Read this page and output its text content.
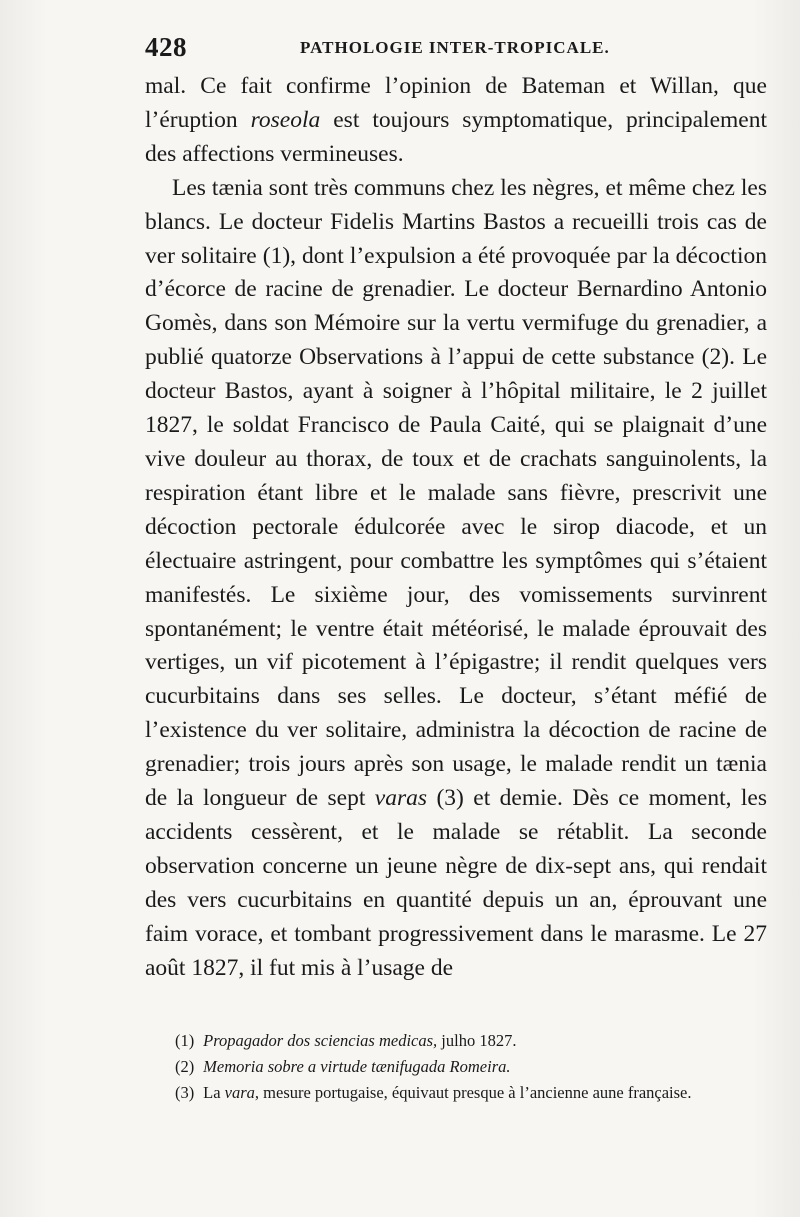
428	PATHOLOGIE INTER-TROPICALE.

mal. Ce fait confirme l’opinion de Bateman et Willan, que l’éruption roseola est toujours symptomatique, principalement des affections vermineuses.

Les tænia sont très communs chez les nègres, et même chez les blancs. Le docteur Fidelis Martins Bastos a recueilli trois cas de ver solitaire (1), dont l’expulsion a été provoquée par la décoction d’écorce de racine de grenadier. Le docteur Bernardino Antonio Gomès, dans son Mémoire sur la vertu vermifuge du grenadier, a publié quatorze Observations à l’appui de cette substance (2). Le docteur Bastos, ayant à soigner à l’hôpital militaire, le 2 juillet 1827, le soldat Francisco de Paula Caité, qui se plaignait d’une vive douleur au thorax, de toux et de crachats sanguinolents, la respiration étant libre et le malade sans fièvre, prescrivit une décoction pectorale édulcorée avec le sirop diacode, et un électuaire astringent, pour combattre les symptômes qui s’étaient manifestés. Le sixième jour, des vomissements survinrent spontanément; le ventre était météorisé, le malade éprouvait des vertiges, un vif picotement à l’épigastre; il rendit quelques vers cucurbitains dans ses selles. Le docteur, s’étant méfié de l’existence du ver solitaire, administra la décoction de racine de grenadier; trois jours après son usage, le malade rendit un tænia de la longueur de sept varas (3) et demie. Dès ce moment, les accidents cessèrent, et le malade se rétablit. La seconde observation concerne un jeune nègre de dix-sept ans, qui rendait des vers cucurbitains en quantité depuis un an, éprouvant une faim vorace, et tombant progressivement dans le marasme. Le 27 août 1827, il fut mis à l’usage de

(1) Propagador dos sciencias medicas, julho 1827.

(2) Memoria sobre a virtude tænifugada Romeira.

(3) La vara, mesure portugaise, équivaut presque à l’ancienne aune française.
